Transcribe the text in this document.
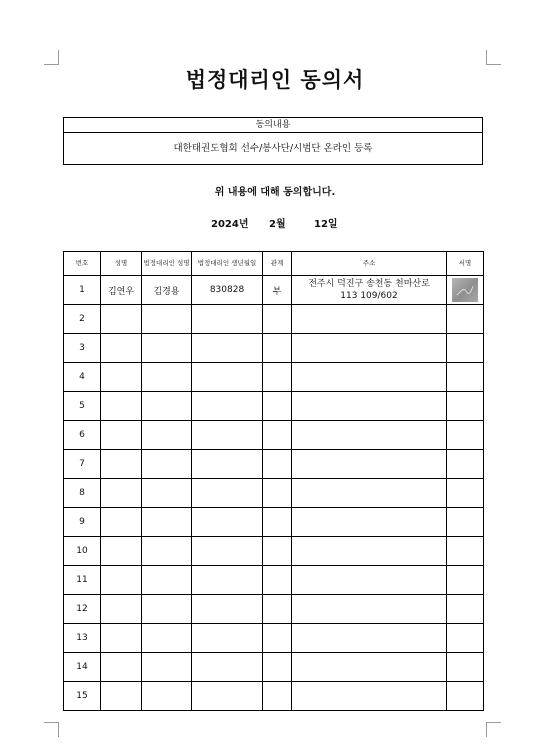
법정대리인 동의서
동의내용
대한태권도협회 선수/봉사단/시범단 온라인 등록
위 내용에 대해 동의합니다.
2024년 2월	12일
번호	성명	법정대리인 성명	법정대리인 생년월일	관계	주소	서명
1	김연우	김경용	830828	부	전주시 덕진구 송천동 천마산로
113 109/602

2					

3					

4					

5					

6					

7					

8					

9					

10					

11					

12					

13					

14					

15					
